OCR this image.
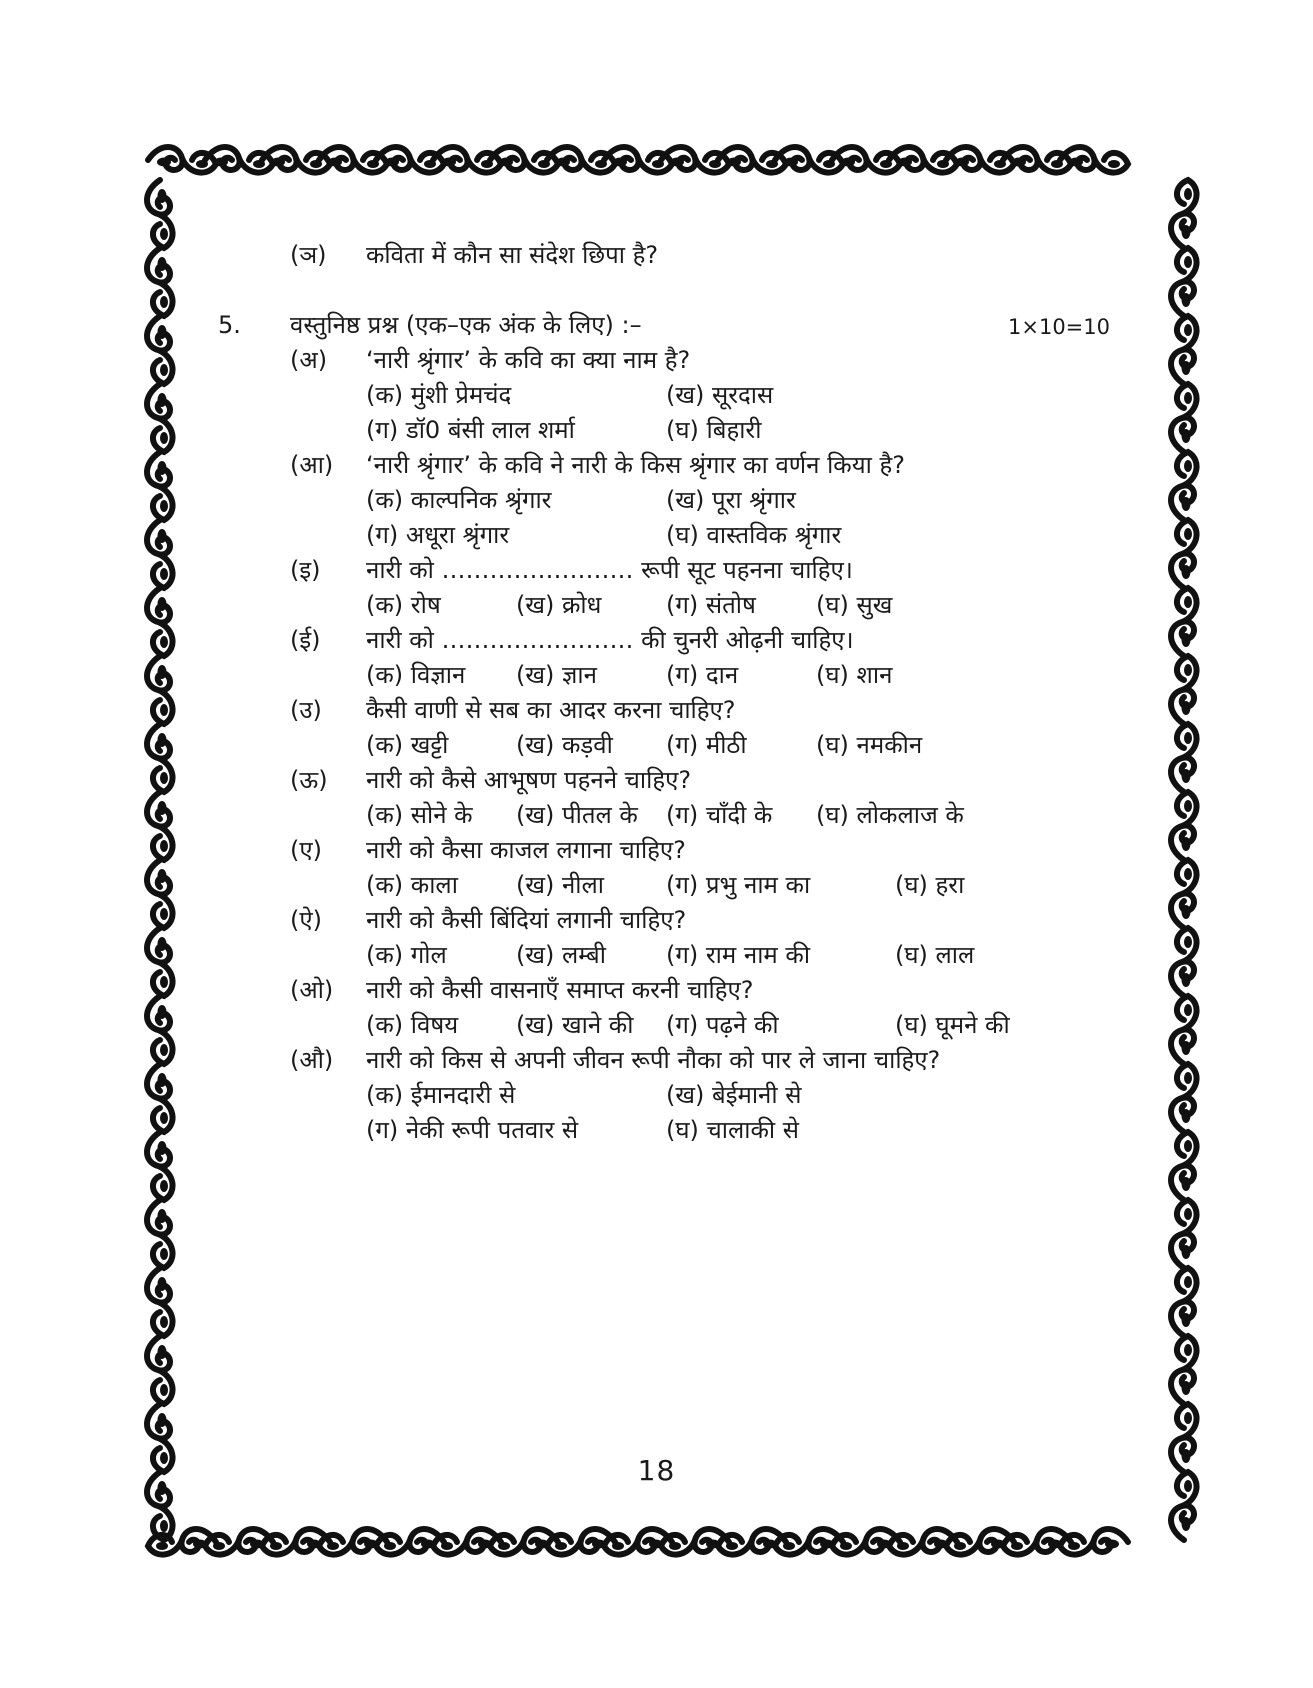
(ञ) कविता में कौन सा संदेश छिपा है?
5. वस्तुनिष्ठ प्रश्न (एक–एक अंक के लिए) :–	1×10=10
(अ) ‘नारी श्रृंगार’ के कवि का क्या नाम है?
(क) मुंशी प्रेमचंद	(ख) सूरदास
(ग) डॉ0 बंसी लाल शर्मा	(घ) बिहारी
(आ) ‘नारी श्रृंगार’ के कवि ने नारी के किस श्रृंगार का वर्णन किया है?
(क) काल्पनिक श्रृंगार	(ख) पूरा श्रृंगार
(ग) अधूरा श्रृंगार	(घ) वास्तविक श्रृंगार
(इ) नारी को …………………… रूपी सूट पहनना चाहिए।
(क) रोष	(ख) क्रोध	(ग) संतोष	(घ) सुख
(ई) नारी को …………………… की चुनरी ओढ़नी चाहिए।
(क) विज्ञान (ख) ज्ञान	(ग) दान	(घ) शान
(उ) कैसी वाणी से सब का आदर करना चाहिए?
(क) खट्टी	(ख) कड़वी (ग) मीठी	(घ) नमकीन
(ऊ) नारी को कैसे आभूषण पहनने चाहिए?
(क) सोने के (ख) पीतल के (ग) चाँदी के (घ) लोकलाज के
(ए) नारी को कैसा काजल लगाना चाहिए?
(क) काला (ख) नीला	(ग) प्रभु नाम का	(घ) हरा
(ऐ) नारी को कैसी बिंदियां लगानी चाहिए?
(क) गोल	(ख) लम्बी	(ग) राम नाम की	(घ) लाल
(ओ) नारी को कैसी वासनाएँ समाप्त करनी चाहिए?
(क) विषय (ख) खाने की (ग) पढ़ने की	(घ) घूमने की
(औ) नारी को किस से अपनी जीवन रूपी नौका को पार ले जाना चाहिए?
(क) ईमानदारी से	(ख) बेईमानी से
(ग) नेकी रूपी पतवार से	(घ) चालाकी से
18
